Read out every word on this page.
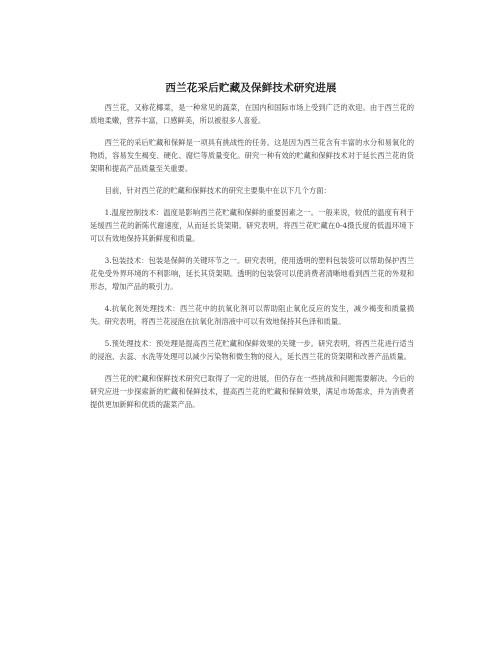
西兰花采后贮藏及保鲜技术研究进展

西兰花，又称花椰菜，是一种常见的蔬菜，在国内和国际市场上受到广泛的欢迎。由于西兰花的质地柔嫩，营养丰富，口感鲜美，所以被很多人喜爱。

西兰花的采后贮藏和保鲜是一项具有挑战性的任务。这是因为西兰花含有丰富的水分和易氧化的物质，容易发生褐变、硬化、腐烂等质量变化。研究一种有效的贮藏和保鲜技术对于延长西兰花的货架期和提高产品质量至关重要。

目前，针对西兰花的贮藏和保鲜技术的研究主要集中在以下几个方面：

1.温度控制技术：温度是影响西兰花贮藏和保鲜的重要因素之一。一般来说，较低的温度有利于延缓西兰花的新陈代谢速度，从而延长货架期。研究表明，将西兰花贮藏在0-4摄氏度的低温环境下可以有效地保持其新鲜度和质量。

3.包装技术：包装是保鲜的关键环节之一。研究表明，使用透明的塑料包装袋可以帮助保护西兰花免受外界环境的不利影响，延长其货架期。透明的包装袋可以使消费者清晰地看到西兰花的外观和形态，增加产品的吸引力。

4.抗氧化剂处理技术：西兰花中的抗氧化剂可以帮助阻止氧化反应的发生，减少褐变和质量损失。研究表明，将西兰花浸泡在抗氧化剂溶液中可以有效地保持其色泽和质量。

5.预处理技术：预处理是提高西兰花贮藏和保鲜效果的关键一步。研究表明，将西兰花进行适当的浸泡、去蕊、水洗等处理可以减少污染物和微生物的侵入，延长西兰花的货架期和改善产品质量。

西兰花的贮藏和保鲜技术研究已取得了一定的进展，但仍存在一些挑战和问题需要解决。今后的研究应进一步探索新的贮藏和保鲜技术，提高西兰花的贮藏和保鲜效果，满足市场需求，并为消费者提供更加新鲜和优质的蔬菜产品。
